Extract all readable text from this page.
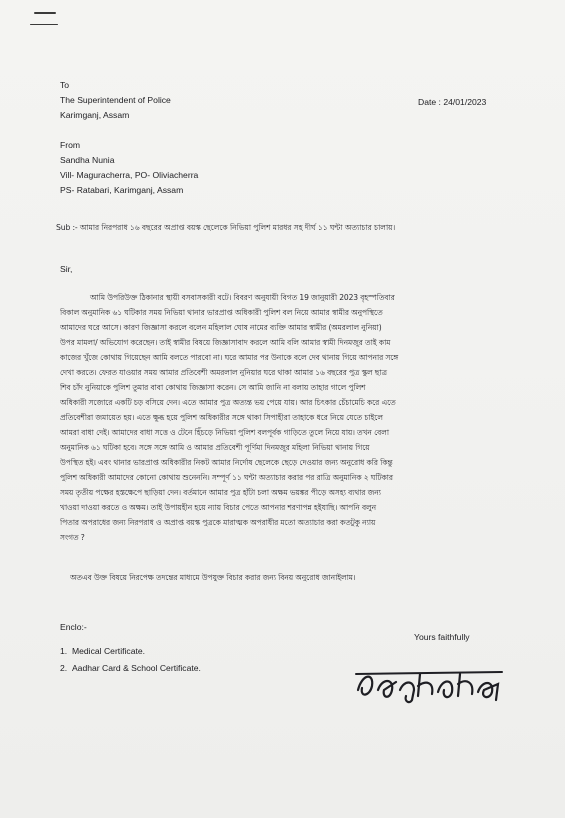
To
The Superintendent of Police
Karimganj, Assam
Date : 24/01/2023
From
Sandha Nunia
Vill- Maguracherra, PO- Oliviacherra
PS- Ratabari, Karimganj, Assam
Sub :- আমার নিরপরাধ ১৬ বছরের অপ্রাপ্ত বয়স্ক ছেলেকে নিভিয়া পুলিশ মারধর সহ দীর্ঘ ১১ ঘন্টা অত্যাচার চালায়।
Sir,
আমি উপরিউক্ত ঠিকানার স্থায়ী বসবাসকারী বটে। বিবরণ অনুযায়ী বিগত 19 জানুয়ারী 2023 বৃহস্পতিবার
বিকাল অনুমানিক ৬১ ঘটিকার সময় নিভিয়া থানার ভারপ্রাপ্ত অধিকারী পুলিশ বল নিয়ে আমার স্বামীর অনুপস্থিতে
আমাদের ঘরে আসে। কারণ জিজ্ঞাসা করলে বলেন মহিলাল ঘোষ নামের ব্যক্তি আমার স্বামীর (অমরলাল নুনিয়া)
উপর মামলা/ অভিযোগ করেছেন। তাই স্বামীর বিষয়ে জিজ্ঞাসাবাদ করলে আমি বলি আমার স্বামী দিনমজুর তাই কাম
কাজের খুঁজে কোথায় গিয়েছেন আমি বলতে পারবো না। ঘরে আমার পর উনাকে বলে দেব থানায় গিয়ে আপনার সঙ্গে
দেখা করতে। ফেরত যাওয়ার সময় আমার প্রতিবেশী অমরলাল নুনিয়ার ঘরে থাকা আমার ১৬ বছরের পুত্র স্কুল ছাত্র
শিব চাঁদ নুনিয়াকে পুলিশ তুমার বাবা কোথায় জিজ্ঞাসা করেন। সে আমি জানি না বলায় তাহার গালে পুলিশ
অধিকারী সজোরে একটি চড় বসিয়ে দেন। এতে আমার পুত্র অত্যন্ত ভয় পেয়ে যায়। আর চিৎকার চেঁচামেচি করে এতে
প্রতিবেশীরা জমায়েত হয়। এতে ক্ষুব্ধ হয়ে পুলিশ অধিকারীর সঙ্গে থাকা সিপাহীরা তাহাকে ধরে নিয়ে যেতে চাইলে
আমরা বাধা দেই। আমাদের বাধা সত্তে ও টেনে হিঁচড়ে নিভিয়া পুলিশ বলপূর্বক গাড়িতে তুলে নিয়ে যায়। তখন বেলা
অনুমানিক ৬১ ঘটিকা হবে। সঙ্গে সঙ্গে আমি ও আমার প্রতিবেশী পূর্ণিমা দিনমজুর মহিলা নিভিয়া থানায় গিয়ে
উপস্থিত হই। এবং থানার ভারপ্রাপ্ত অধিকারীর নিকট আমার নির্দোষ ছেলেকে ছেড়ে দেওয়ার জন্য অনুরোধ করি কিন্তু
পুলিশ অধিকারী আমাদের কোনো কোথায় শুনেননি। সম্পূর্ণ ১১ ঘন্টা অত্যাচার করার পর রাত্রি অনুমানিক ২ ঘটিকার
সময় তৃতীয় পক্ষের হস্তক্ষেপে ছাড়িয়া দেন। বর্তমানে আমার পুত্র হাঁটা চলা অক্ষম ভয়ঙ্কর পীড়ে অসহ্য ব্যথার জন্য
খাওয়া দাওয়া করতে ও অক্ষম। তাই উপায়হীন হয়ে ন্যায় বিচার পেতে আপনার শরণাপন্ন হইযাছি। আপনি বলুন
পিতার অপরাধের জন্য নিরপরাধ ও অপ্রাপ্ত বয়স্ক পুত্রকে মারাত্মক অপরাধীর মতো অত্যাচার করা কতটুকু ন্যায়
সংগত ?
অতএব উক্ত বিষয়ে নিরপেক্ষ তদন্তের মাধ্যমে উপযুক্ত বিচার করার জন্য বিনয় অনুরোধ জানাইলাম।
Enclo:-
1.  Medical Certificate.
2.  Aadhar Card & School Certificate.
Yours faithfully
